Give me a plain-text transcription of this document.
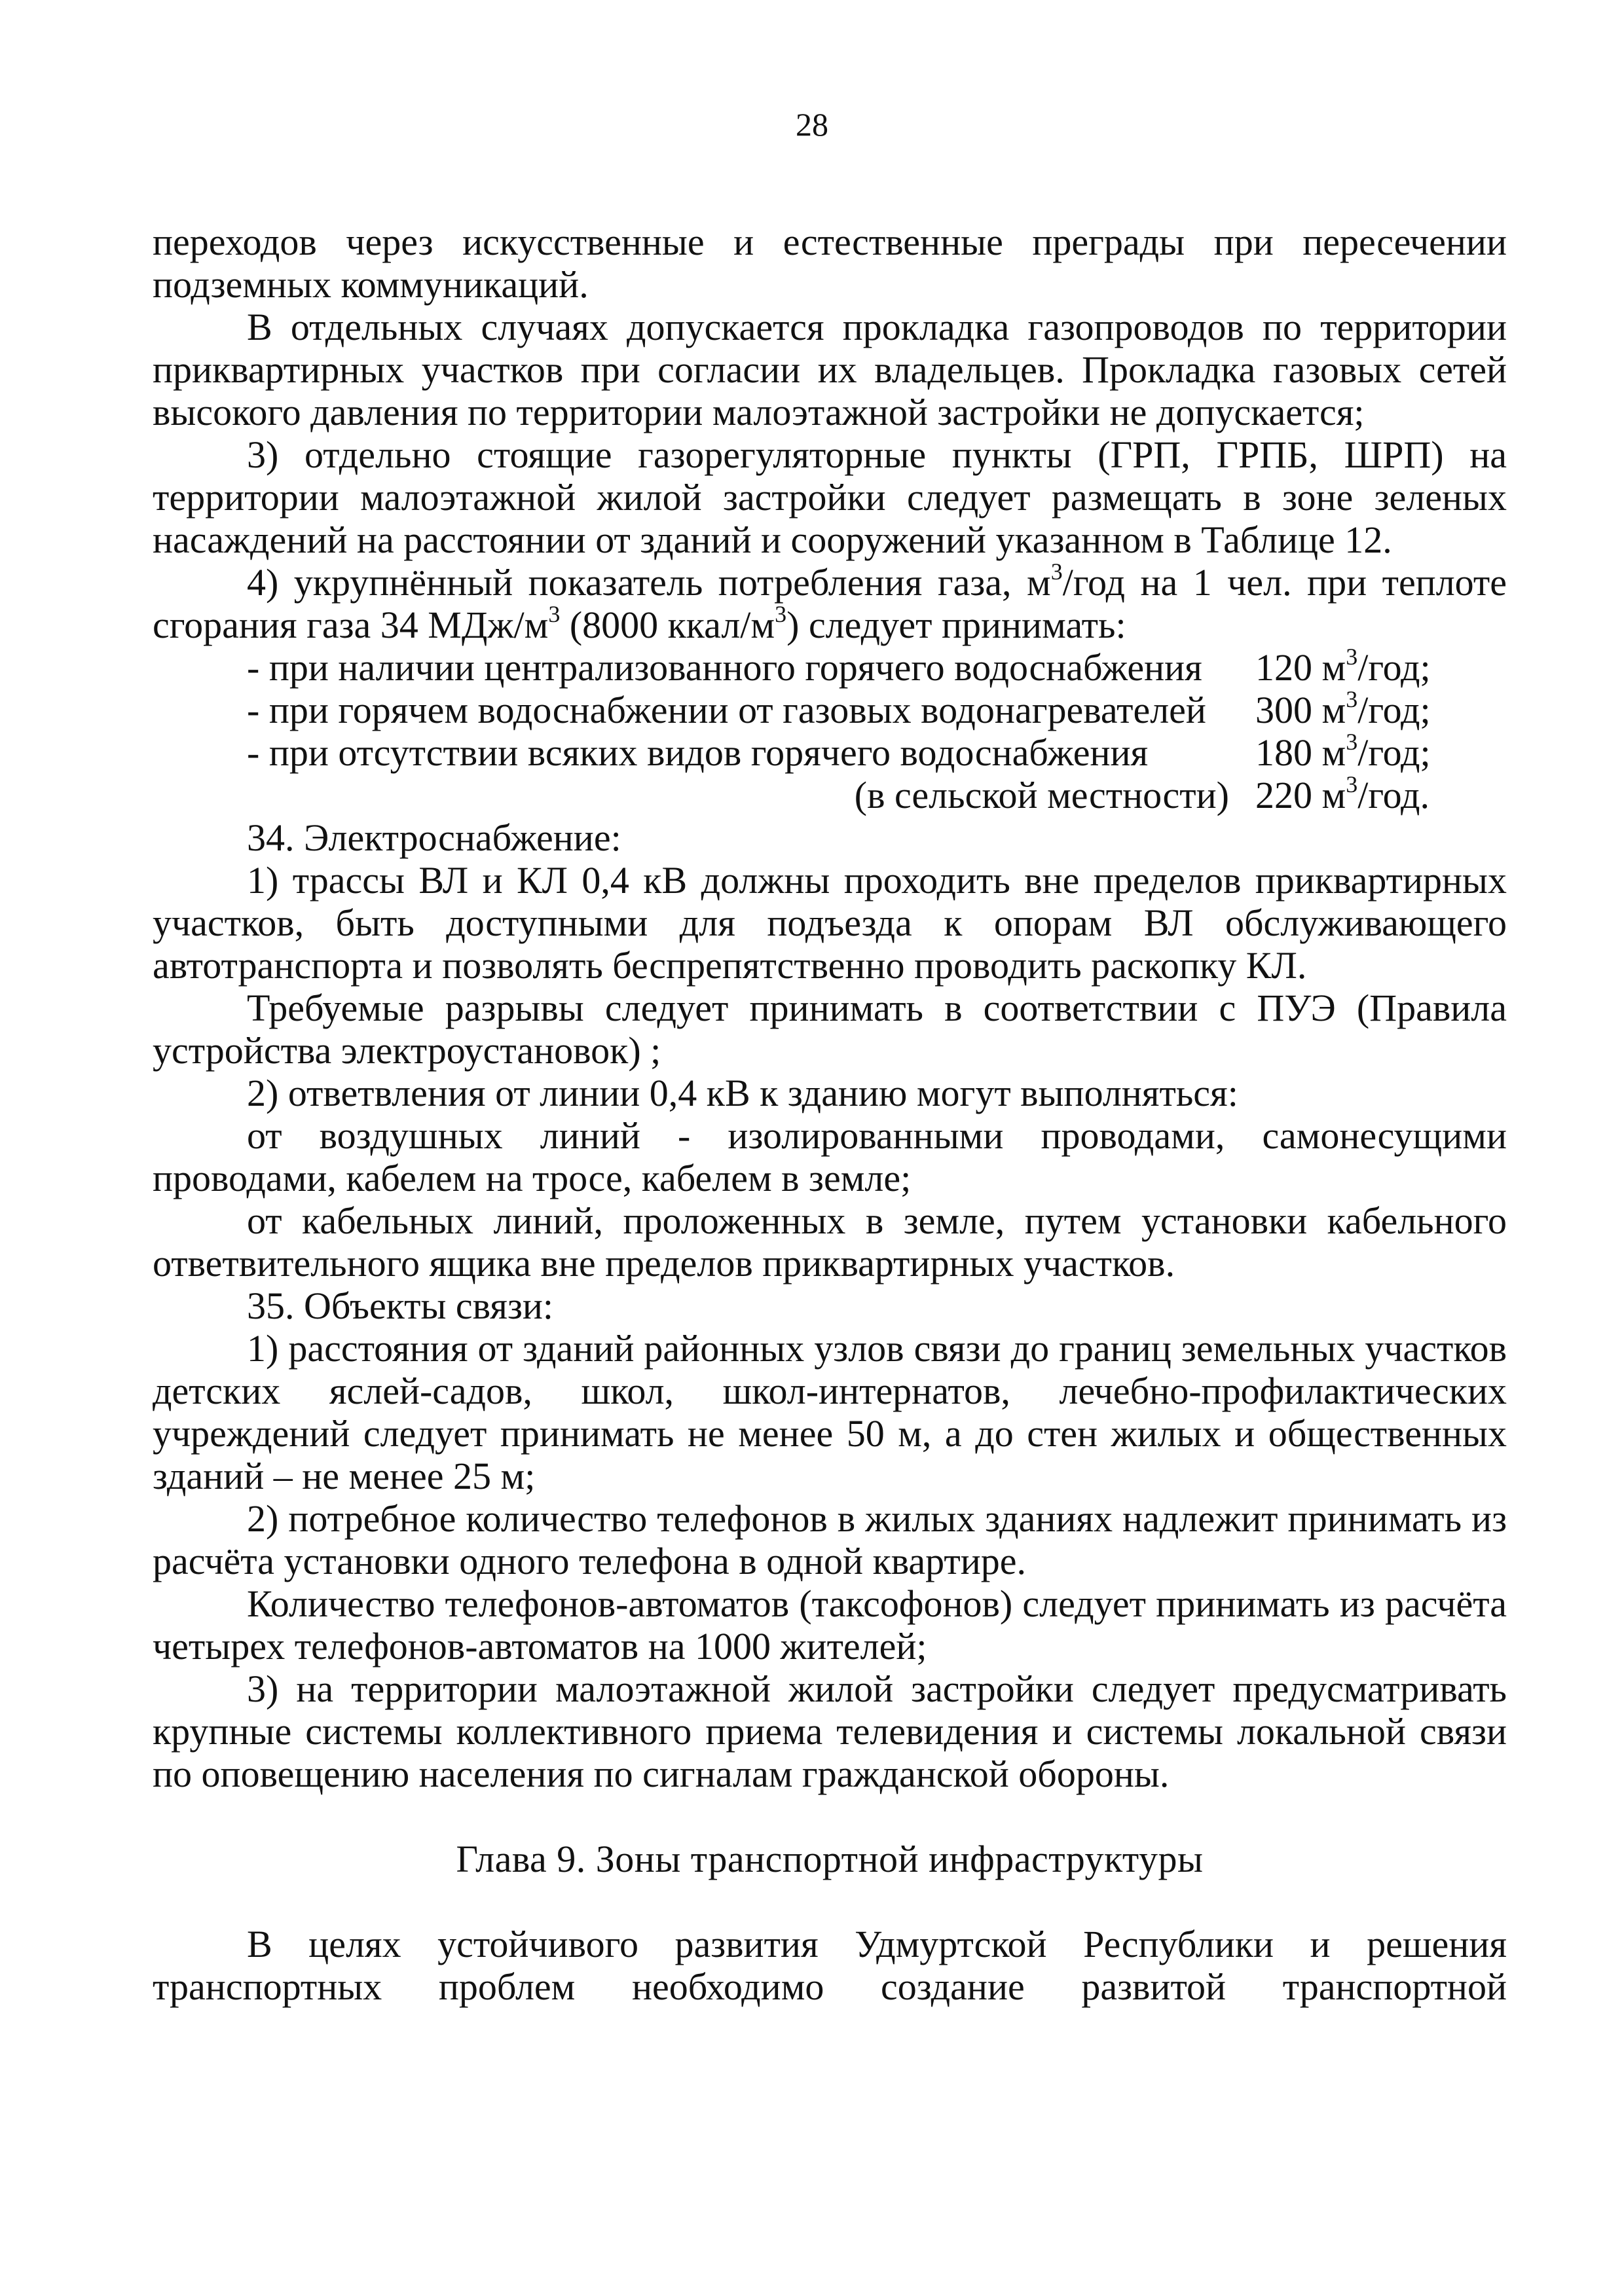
28

переходов через искусственные и естественные преграды при пересечении подземных коммуникаций.

В отдельных случаях допускается прокладка газопроводов по территории приквартирных участков при согласии их владельцев. Прокладка газовых сетей высокого давления по территории малоэтажной застройки не допускается;

3) отдельно стоящие газорегуляторные пункты (ГРП, ГРПБ, ШРП) на территории малоэтажной жилой застройки следует размещать в зоне зеленых насаждений на расстоянии от зданий и сооружений указанном в Таблице 12.

4) укрупнённый показатель потребления газа, $м^3$/год на 1 чел. при теплоте сгорания газа 34 МДж/$м^3$ (8000 ккал/$м^3$) следует принимать:

- при наличии централизованного горячего водоснабжения	120 $м^3$/год;
- при горячем водоснабжении от газовых водонагревателей	300 $м^3$/год;
- при отсутствии всяких видов горячего водоснабжения	180 $м^3$/год;
(в сельской местности) 220 $м^3$/год.

34. Электроснабжение:

1) трассы ВЛ и КЛ 0,4 кВ должны проходить вне пределов приквартирных участков, быть доступными для подъезда к опорам ВЛ обслуживающего автотранспорта и позволять беспрепятственно проводить раскопку КЛ.

Требуемые разрывы следует принимать в соответствии с ПУЭ (Правила устройства электроустановок) ;

2) ответвления от линии 0,4 кВ к зданию могут выполняться:

от воздушных линий - изолированными проводами, самонесущими проводами, кабелем на тросе, кабелем в земле;

от кабельных линий, проложенных в земле, путем установки кабельного ответвительного ящика вне пределов приквартирных участков.

35. Объекты связи:

1) расстояния от зданий районных узлов связи до границ земельных участков детских яслей-садов, школ, школ-интернатов, лечебно-профилактических учреждений следует принимать не менее 50 м, а до стен жилых и общественных зданий – не менее 25 м;

2) потребное количество телефонов в жилых зданиях надлежит принимать из расчёта установки одного телефона в одной квартире.

Количество телефонов-автоматов (таксофонов) следует принимать из расчёта четырех телефонов-автоматов на 1000 жителей;

3) на территории малоэтажной жилой застройки следует предусматривать крупные системы коллективного приема телевидения и системы локальной связи по оповещению населения по сигналам гражданской обороны.

Глава 9. Зоны транспортной инфраструктуры

В целях устойчивого развития Удмуртской Республики и решения

транспортных проблем необходимо создание развитой транспортной
